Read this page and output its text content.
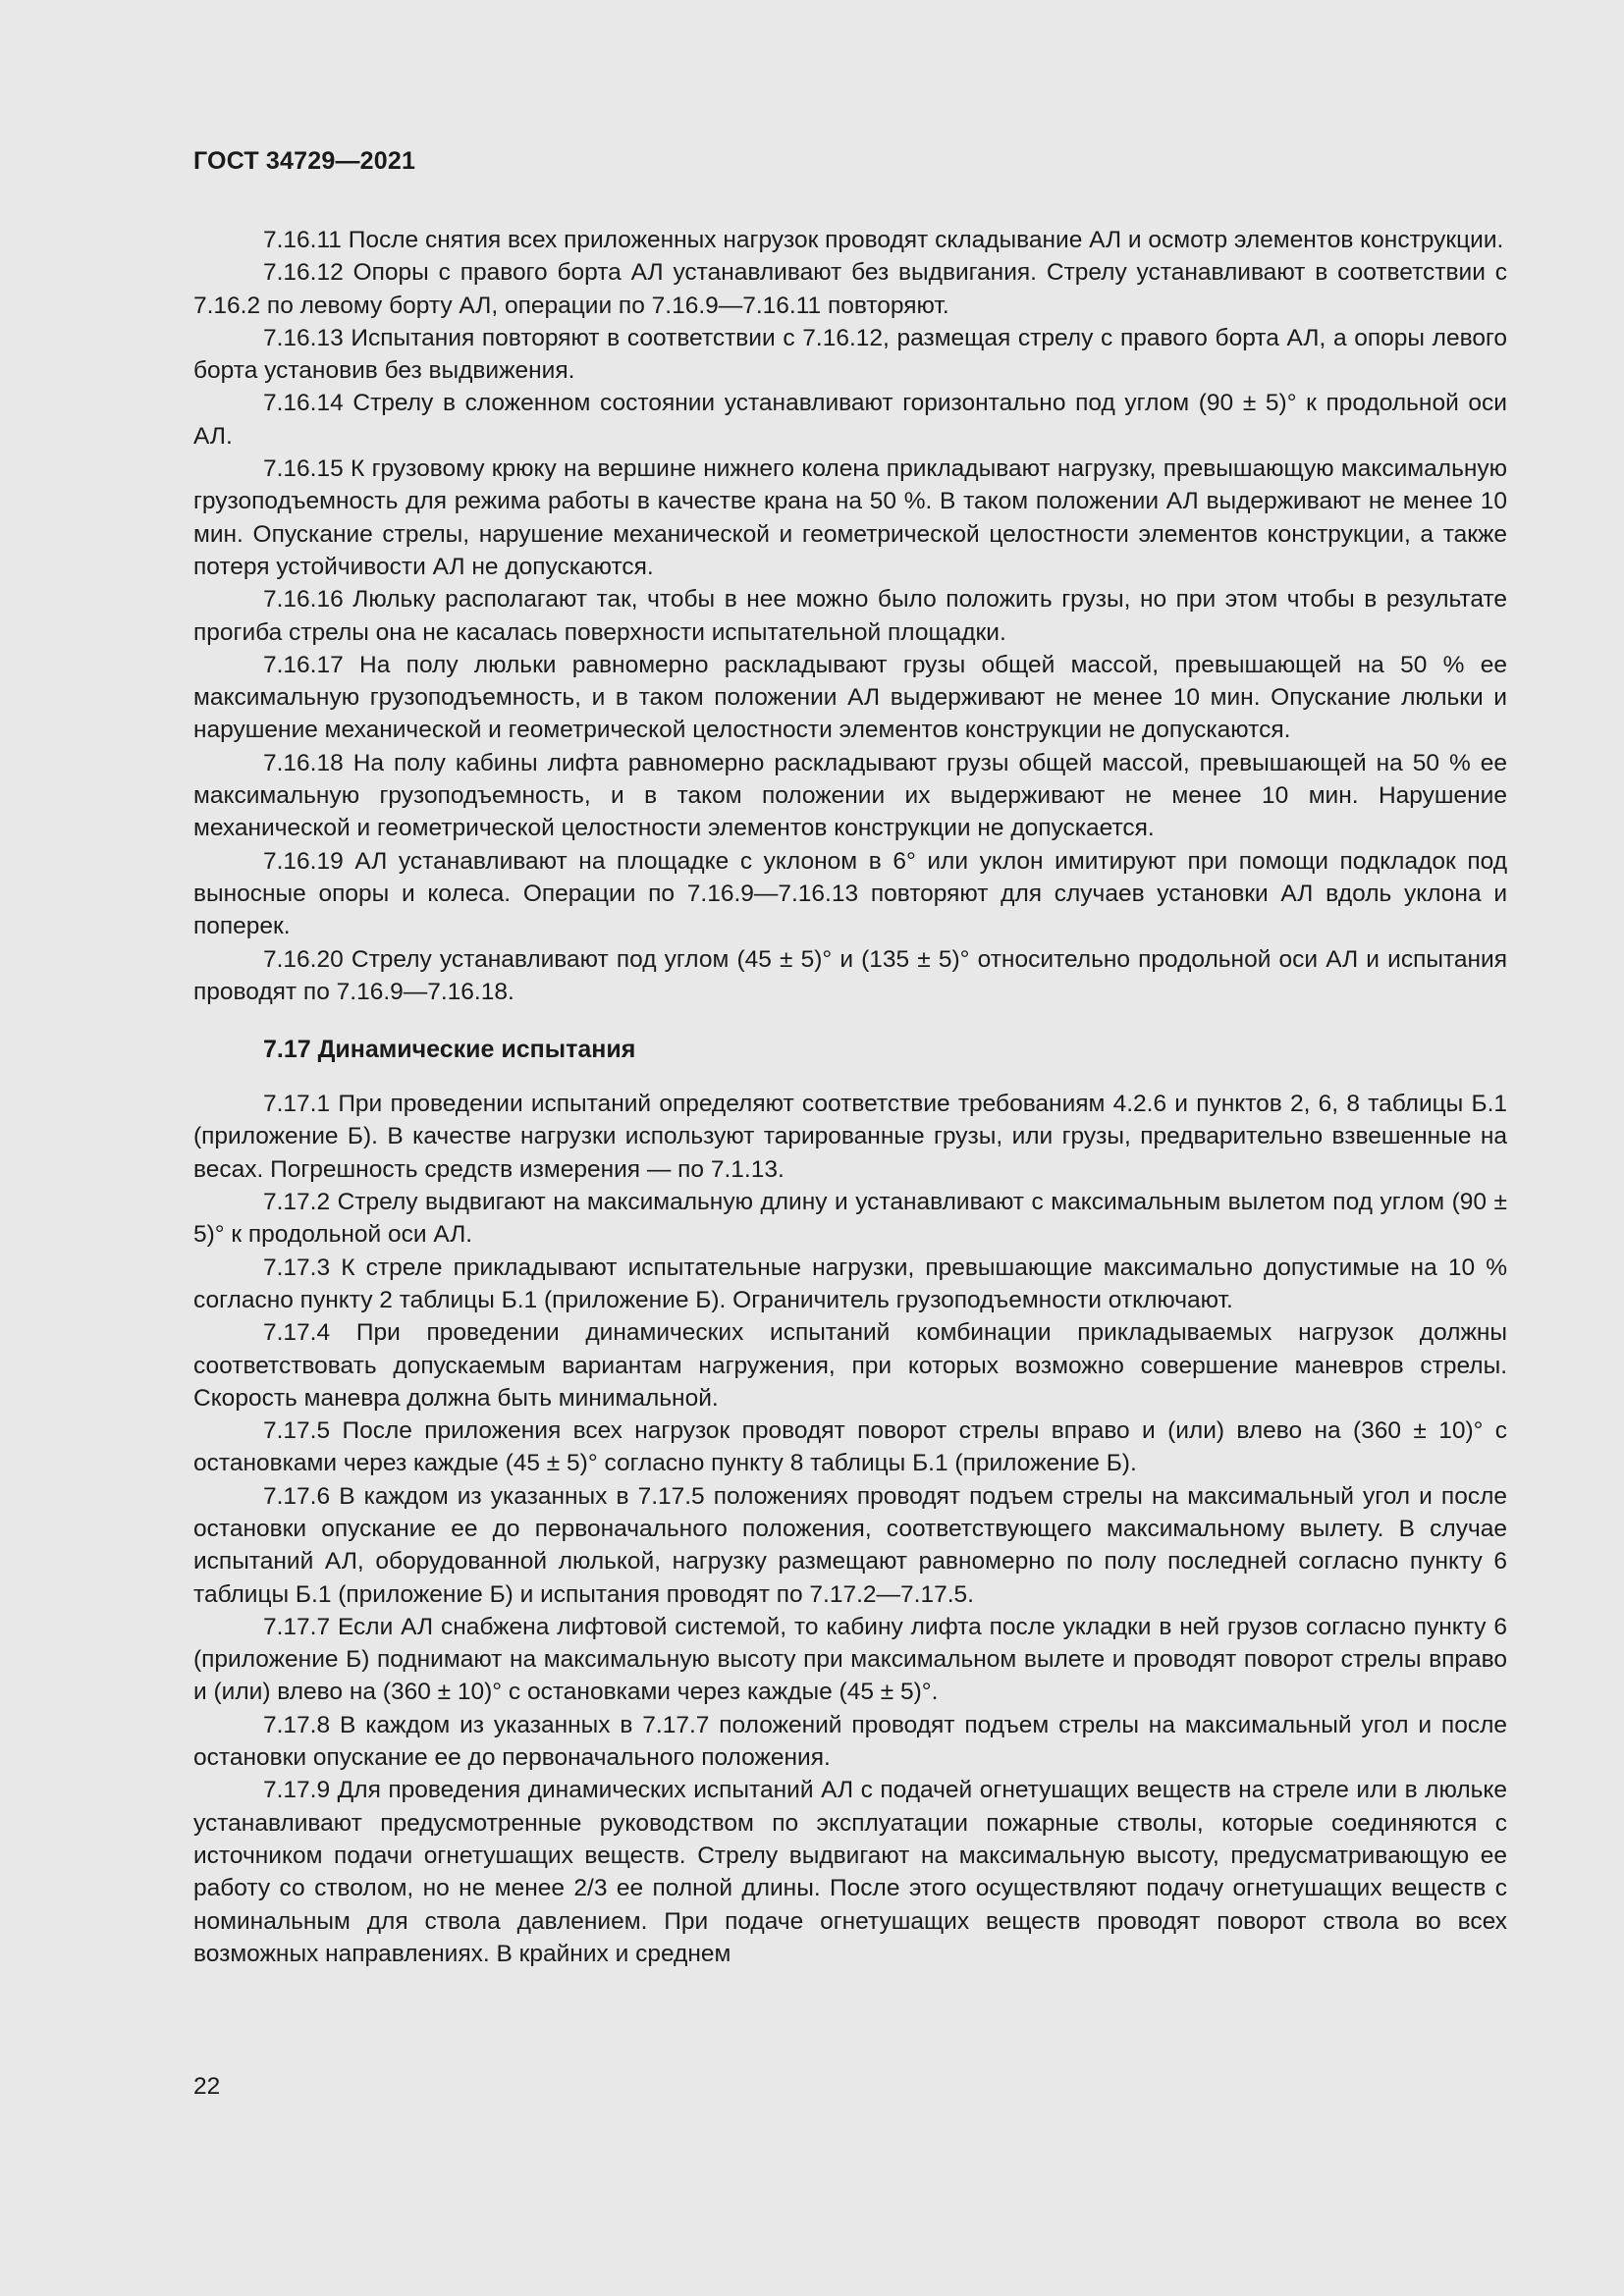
ГОСТ 34729—2021

7.16.11 После снятия всех приложенных нагрузок проводят складывание АЛ и осмотр элементов конструкции.

7.16.12 Опоры с правого борта АЛ устанавливают без выдвигания. Стрелу устанавливают в соответствии с 7.16.2 по левому борту АЛ, операции по 7.16.9—7.16.11 повторяют.

7.16.13 Испытания повторяют в соответствии с 7.16.12, размещая стрелу с правого борта АЛ, а опоры левого борта установив без выдвижения.

7.16.14 Стрелу в сложенном состоянии устанавливают горизонтально под углом (90 ± 5)° к продольной оси АЛ.

7.16.15 К грузовому крюку на вершине нижнего колена прикладывают нагрузку, превышающую максимальную грузоподъемность для режима работы в качестве крана на 50 %. В таком положении АЛ выдерживают не менее 10 мин. Опускание стрелы, нарушение механической и геометрической целостности элементов конструкции, а также потеря устойчивости АЛ не допускаются.

7.16.16 Люльку располагают так, чтобы в нее можно было положить грузы, но при этом чтобы в результате прогиба стрелы она не касалась поверхности испытательной площадки.

7.16.17 На полу люльки равномерно раскладывают грузы общей массой, превышающей на 50 % ее максимальную грузоподъемность, и в таком положении АЛ выдерживают не менее 10 мин. Опускание люльки и нарушение механической и геометрической целостности элементов конструкции не допускаются.

7.16.18 На полу кабины лифта равномерно раскладывают грузы общей массой, превышающей на 50 % ее максимальную грузоподъемность, и в таком положении их выдерживают не менее 10 мин. Нарушение механической и геометрической целостности элементов конструкции не допускается.

7.16.19 АЛ устанавливают на площадке с уклоном в 6° или уклон имитируют при помощи подкладок под выносные опоры и колеса. Операции по 7.16.9—7.16.13 повторяют для случаев установки АЛ вдоль уклона и поперек.

7.16.20 Стрелу устанавливают под углом (45 ± 5)° и (135 ± 5)° относительно продольной оси АЛ и испытания проводят по 7.16.9—7.16.18.

7.17 Динамические испытания

7.17.1 При проведении испытаний определяют соответствие требованиям 4.2.6 и пунктов 2, 6, 8 таблицы Б.1 (приложение Б). В качестве нагрузки используют тарированные грузы, или грузы, предварительно взвешенные на весах. Погрешность средств измерения — по 7.1.13.

7.17.2 Стрелу выдвигают на максимальную длину и устанавливают с максимальным вылетом под углом (90 ± 5)° к продольной оси АЛ.

7.17.3 К стреле прикладывают испытательные нагрузки, превышающие максимально допустимые на 10 % согласно пункту 2 таблицы Б.1 (приложение Б). Ограничитель грузоподъемности отключают.

7.17.4 При проведении динамических испытаний комбинации прикладываемых нагрузок должны соответствовать допускаемым вариантам нагружения, при которых возможно совершение маневров стрелы. Скорость маневра должна быть минимальной.

7.17.5 После приложения всех нагрузок проводят поворот стрелы вправо и (или) влево на (360 ± 10)° с остановками через каждые (45 ± 5)° согласно пункту 8 таблицы Б.1 (приложение Б).

7.17.6 В каждом из указанных в 7.17.5 положениях проводят подъем стрелы на максимальный угол и после остановки опускание ее до первоначального положения, соответствующего максимальному вылету. В случае испытаний АЛ, оборудованной люлькой, нагрузку размещают равномерно по полу последней согласно пункту 6 таблицы Б.1 (приложение Б) и испытания проводят по 7.17.2—7.17.5.

7.17.7 Если АЛ снабжена лифтовой системой, то кабину лифта после укладки в ней грузов согласно пункту 6 (приложение Б) поднимают на максимальную высоту при максимальном вылете и проводят поворот стрелы вправо и (или) влево на (360 ± 10)° с остановками через каждые (45 ± 5)°.

7.17.8 В каждом из указанных в 7.17.7 положений проводят подъем стрелы на максимальный угол и после остановки опускание ее до первоначального положения.

7.17.9 Для проведения динамических испытаний АЛ с подачей огнетушащих веществ на стреле или в люльке устанавливают предусмотренные руководством по эксплуатации пожарные стволы, которые соединяются с источником подачи огнетушащих веществ. Стрелу выдвигают на максимальную высоту, предусматривающую ее работу со стволом, но не менее 2/3 ее полной длины. После этого осуществляют подачу огнетушащих веществ с номинальным для ствола давлением. При подаче огнетушащих веществ проводят поворот ствола во всех возможных направлениях. В крайних и среднем

22
